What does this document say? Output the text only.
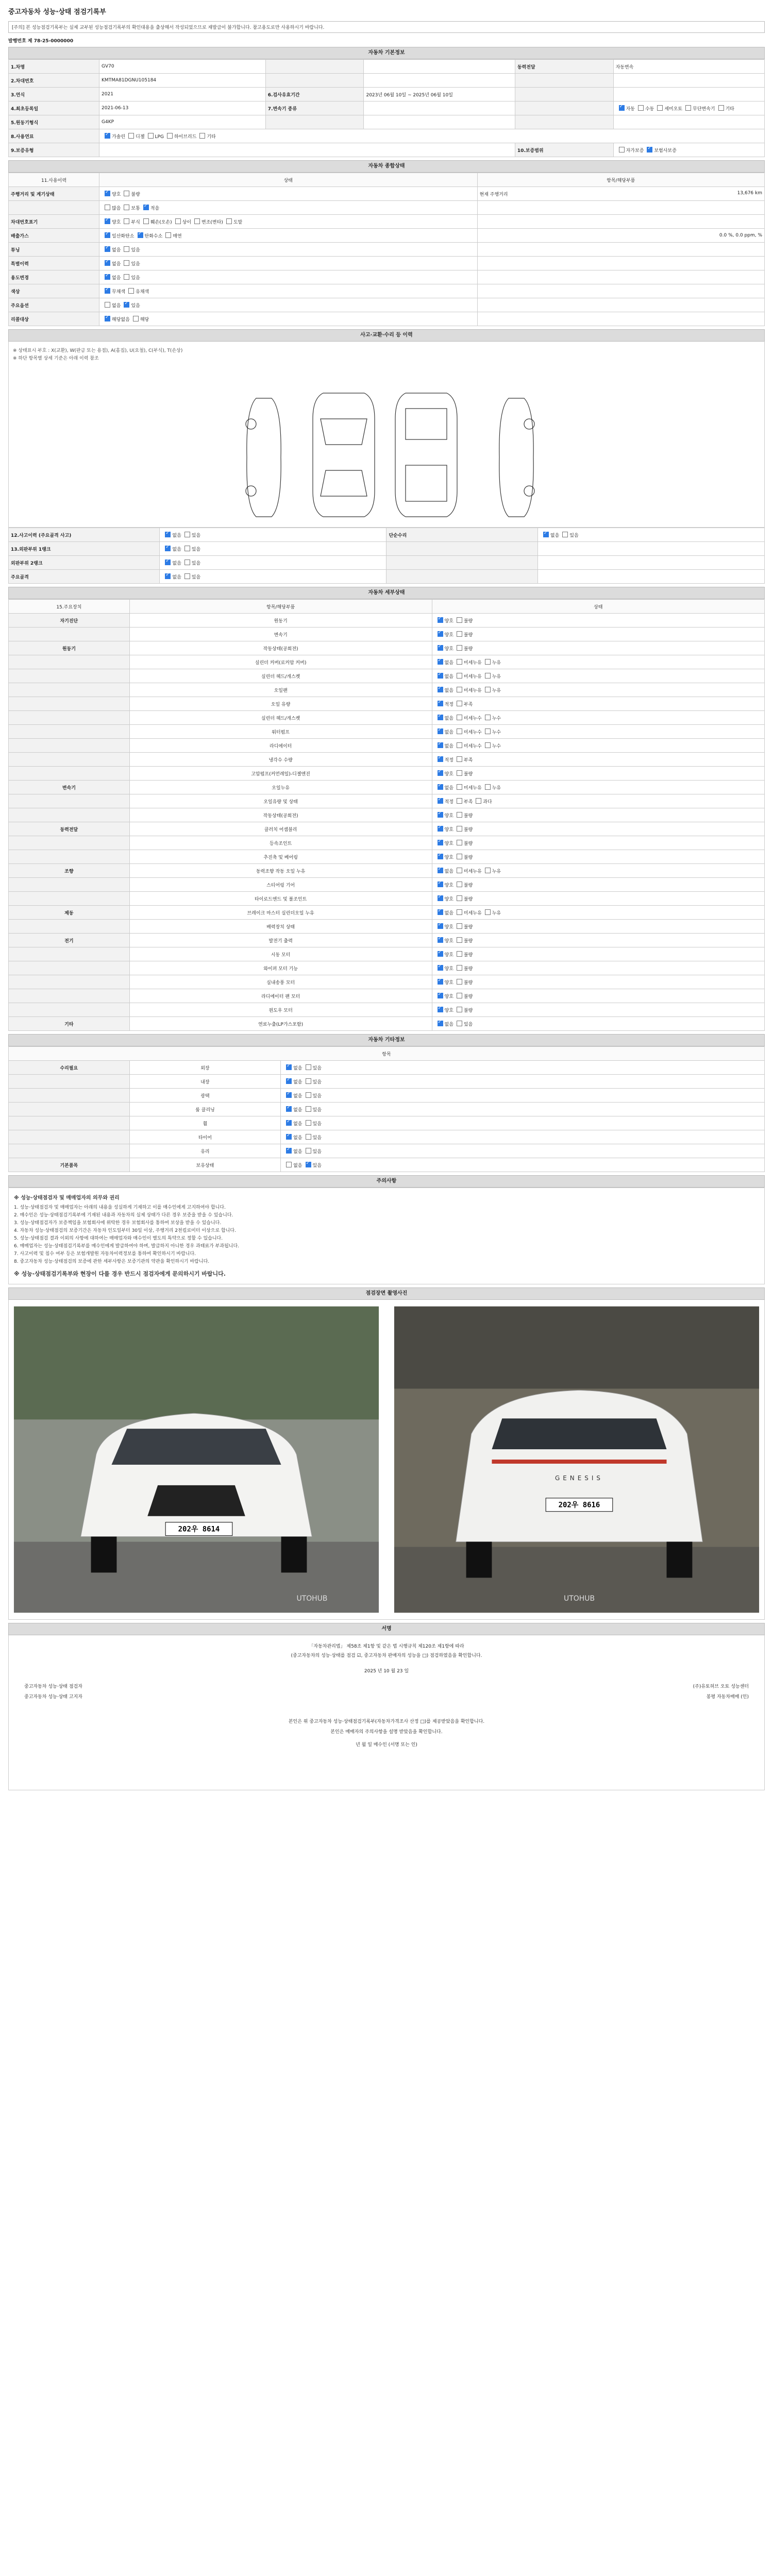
중고자동차 성능·상태 점검기록부
[주의] 본 성능점검기록부는 실제 교부된 성능점검기록부의 확인대용을 출상해서 작성되었으므로 재발급이 불가합니다. 참고용도로만 사용하시기 바랍니다.
발행번호 제 78-25-0000000
자동차 기본정보
1.차명	GV70			동력전달	자동변속
2.차대번호	KMTMA81DGNU105184				
3.연식	2021	6.검사유효기간	2023년 06월 10일 ~ 2025년 06월 10일		
4.최초등록일	2021-06-13	7.변속기 종류			✓자동 수동 세미오토 무단변속기 기타
5.원동기형식	G4KP				
8.사용연료	✓가솔린 디젤 LPG 하이브리드 기타
9.보증유형				10.보증범위	자가보증 ✓ 보험사보증
자동차 종합상태
11.사용이력	상태	항목/해당부품
주행거리 및 계기상태	✓양호 불량	현재 주행거리 13,676 km

	많음 보통 ✓ 적음	

차대번호표기	✓양호 부식 훼손(오손) 상이 변조(변타) 도말	

배출가스	✓일산화탄소 ✓ 탄화수소 매연	0.0 %, 0.0 ppm, %

튜닝	✓없음 있음	

특별이력	✓없음 있음	

용도변경	✓없음 있음	

색상	✓무채색 유채색	

주요옵션	없음 ✓ 있음	

리콜대상	✓해당없음 해당	
사고·교환·수리 등 이력
※ 상태표시 부호 : X(교환), W(판금 또는 용접), A(흠집), U(요철), C(부식), T(손상)
※ 하단 항목별 상세 기준은 아래 이력 참조
12.사고이력 (주요골격 사고)	✓없음 있음	단순수리	✓없음 있음
13.외판부위 1랭크	✓없음 있음		
외판부위 2랭크	✓없음 있음		
주요골격	✓없음 있음		
자동차 세부상태
15.주요장치	항목/해당부품	상태
자기진단	원동기	✓양호 불량
	변속기	✓양호 불량
원동기	작동상태(공회전)	✓양호 불량
	실린더 커버(로커암 커버)	✓없음 미세누유 누유
	실린더 헤드/개스켓	✓없음 미세누유 누유
	오일팬	✓없음 미세누유 누유
	오일 유량	✓적정 부족
	실린더 헤드/개스켓	✓없음 미세누수 누수
	워터펌프	✓없음 미세누수 누수
	라디에이터	✓없음 미세누수 누수
	냉각수 수량	✓적정 부족
	고압펌프(커먼레일)-디젤엔진	✓양호 불량
변속기	오일누유	✓없음 미세누유 누유
	오일유량 및 상태	✓적정 부족 과다
	작동상태(공회전)	✓양호 불량
동력전달	클러치 어셈블리	✓양호 불량
	등속조인트	✓양호 불량
	추진축 및 베어링	✓양호 불량
조향	동력조향 작동 오일 누유	✓없음 미세누유 누유
	스티어링 기어	✓양호 불량
	타이로드엔드 및 볼조인트	✓양호 불량
제동	브레이크 마스터 실린더오일 누유	✓없음 미세누유 누유
	배력장치 상태	✓양호 불량
전기	발전기 출력	✓양호 불량
	시동 모터	✓양호 불량
	와이퍼 모터 기능	✓양호 불량
	실내송풍 모터	✓양호 불량
	라디에이터 팬 모터	✓양호 불량
	윈도우 모터	✓양호 불량
기타	연료누출(LP가스포함)	✓없음 있음
자동차 기타정보
항목		
수리필요	외장	✓없음 있음
	내장	✓없음 있음
	광택	✓없음 있음
	룸 클리닝	✓없음 있음
	휠	✓없음 있음
	타이어	✓없음 있음
	유리	✓없음 있음
기본품목	보유상태	없음 ✓ 있음
주의사항
※ 성능·상태점검자 및 매매업자의 의무와 권리
1. 성능·상태점검자 및 매매업자는 아래의 내용을 성실하게 기재하고 이를 매수인에게 고지하여야 합니다.
2. 매수인은 성능·상태점검기록부에 기재된 내용과 자동차의 실제 상태가 다른 경우 보증을 받을 수 있습니다.
3. 성능·상태점검자가 보증책임을 보험회사에 위탁한 경우 보험회사를 통하여 보상을 받을 수 있습니다.
4. 자동차 성능·상태점검의 보증기간은 자동차 인도일부터 30일 이상, 주행거리 2천킬로미터 이상으로 합니다.
5. 성능·상태점검 결과 이외의 사항에 대하여는 매매업자와 매수인이 별도의 특약으로 정할 수 있습니다.
6. 매매업자는 성능·상태점검기록부를 매수인에게 발급하여야 하며, 발급하지 아니한 경우 과태료가 부과됩니다.
7. 사고이력 및 침수 여부 등은 보험개발원 자동차이력정보를 통하여 확인하시기 바랍니다.
8. 중고자동차 성능·상태점검의 보증에 관한 세부사항은 보증기관의 약관을 확인하시기 바랍니다.
※ 성능·상태점검기록부와 현장이 다를 경우 반드시 점검자에게 문의하시기 바랍니다.
점검장면 촬영사진
202우 8614
UTOHUB
GENESIS
202우 8616
UTOHUB
서명
「자동차관리법」 제58조 제1항 및 같은 법 시행규칙 제120조 제1항에 따라
(중고자동차의 성능·상태를 점검 ☑, 중고자동차 판매자의 성능을 □) 점검하였음을 확인합니다.
2025 년 10 월 23 일
중고자동차 성능·상태 점검자
중고자동차 성능·상태 고지자
(주)유토허브 오토 성능센터
봉평 자동차매매 (인)
본인은 위 중고자동차 성능·상태점검기록부(자동차가격조사 산정 □)를 제공받았음을 확인합니다.
본인은 매매자의 주의사항을 설명 받았음을 확인합니다.
년 월 일 매수인 (서명 또는 인)
